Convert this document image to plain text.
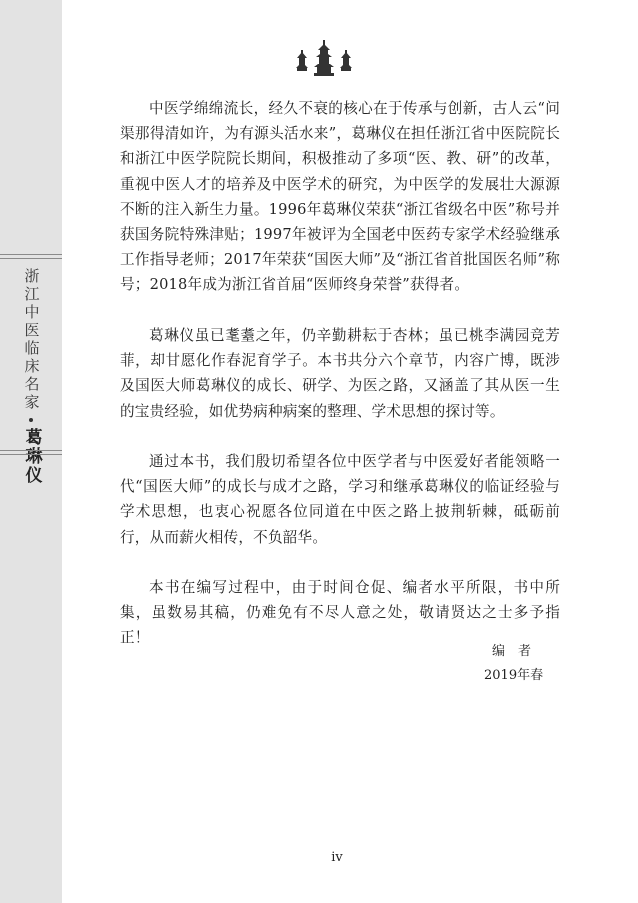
浙江中医临床名家
葛琳仪

中医学绵绵流长，经久不衰的核心在于传承与创新，古人云“问渠那得清如许，为有源头活水来”，葛琳仪在担任浙江省中医院院长和浙江中医学院院长期间，积极推动了多项“医、教、研”的改革，重视中医人才的培养及中医学术的研究，为中医学的发展壮大源源不断的注入新生力量。1996年葛琳仪荣获“浙江省级名中医”称号并获国务院特殊津贴；1997年被评为全国老中医药专家学术经验继承工作指导老师；2017年荣获“国医大师”及“浙江省首批国医名师”称号；2018年成为浙江省首届“医师终身荣誉”获得者。

葛琳仪虽已耄耋之年，仍辛勤耕耘于杏林；虽已桃李满园竞芳菲，却甘愿化作春泥育学子。本书共分六个章节，内容广博，既涉及国医大师葛琳仪的成长、研学、为医之路，又涵盖了其从医一生的宝贵经验，如优势病种病案的整理、学术思想的探讨等。

通过本书，我们殷切希望各位中医学者与中医爱好者能领略一代“国医大师”的成长与成才之路，学习和继承葛琳仪的临证经验与学术思想，也衷心祝愿各位同道在中医之路上披荆斩棘，砥砺前行，从而薪火相传，不负韶华。

本书在编写过程中，由于时间仓促、编者水平所限，书中所集，虽数易其稿，仍难免有不尽人意之处，敬请贤达之士多予指正！

编　者
2019年春
iv
